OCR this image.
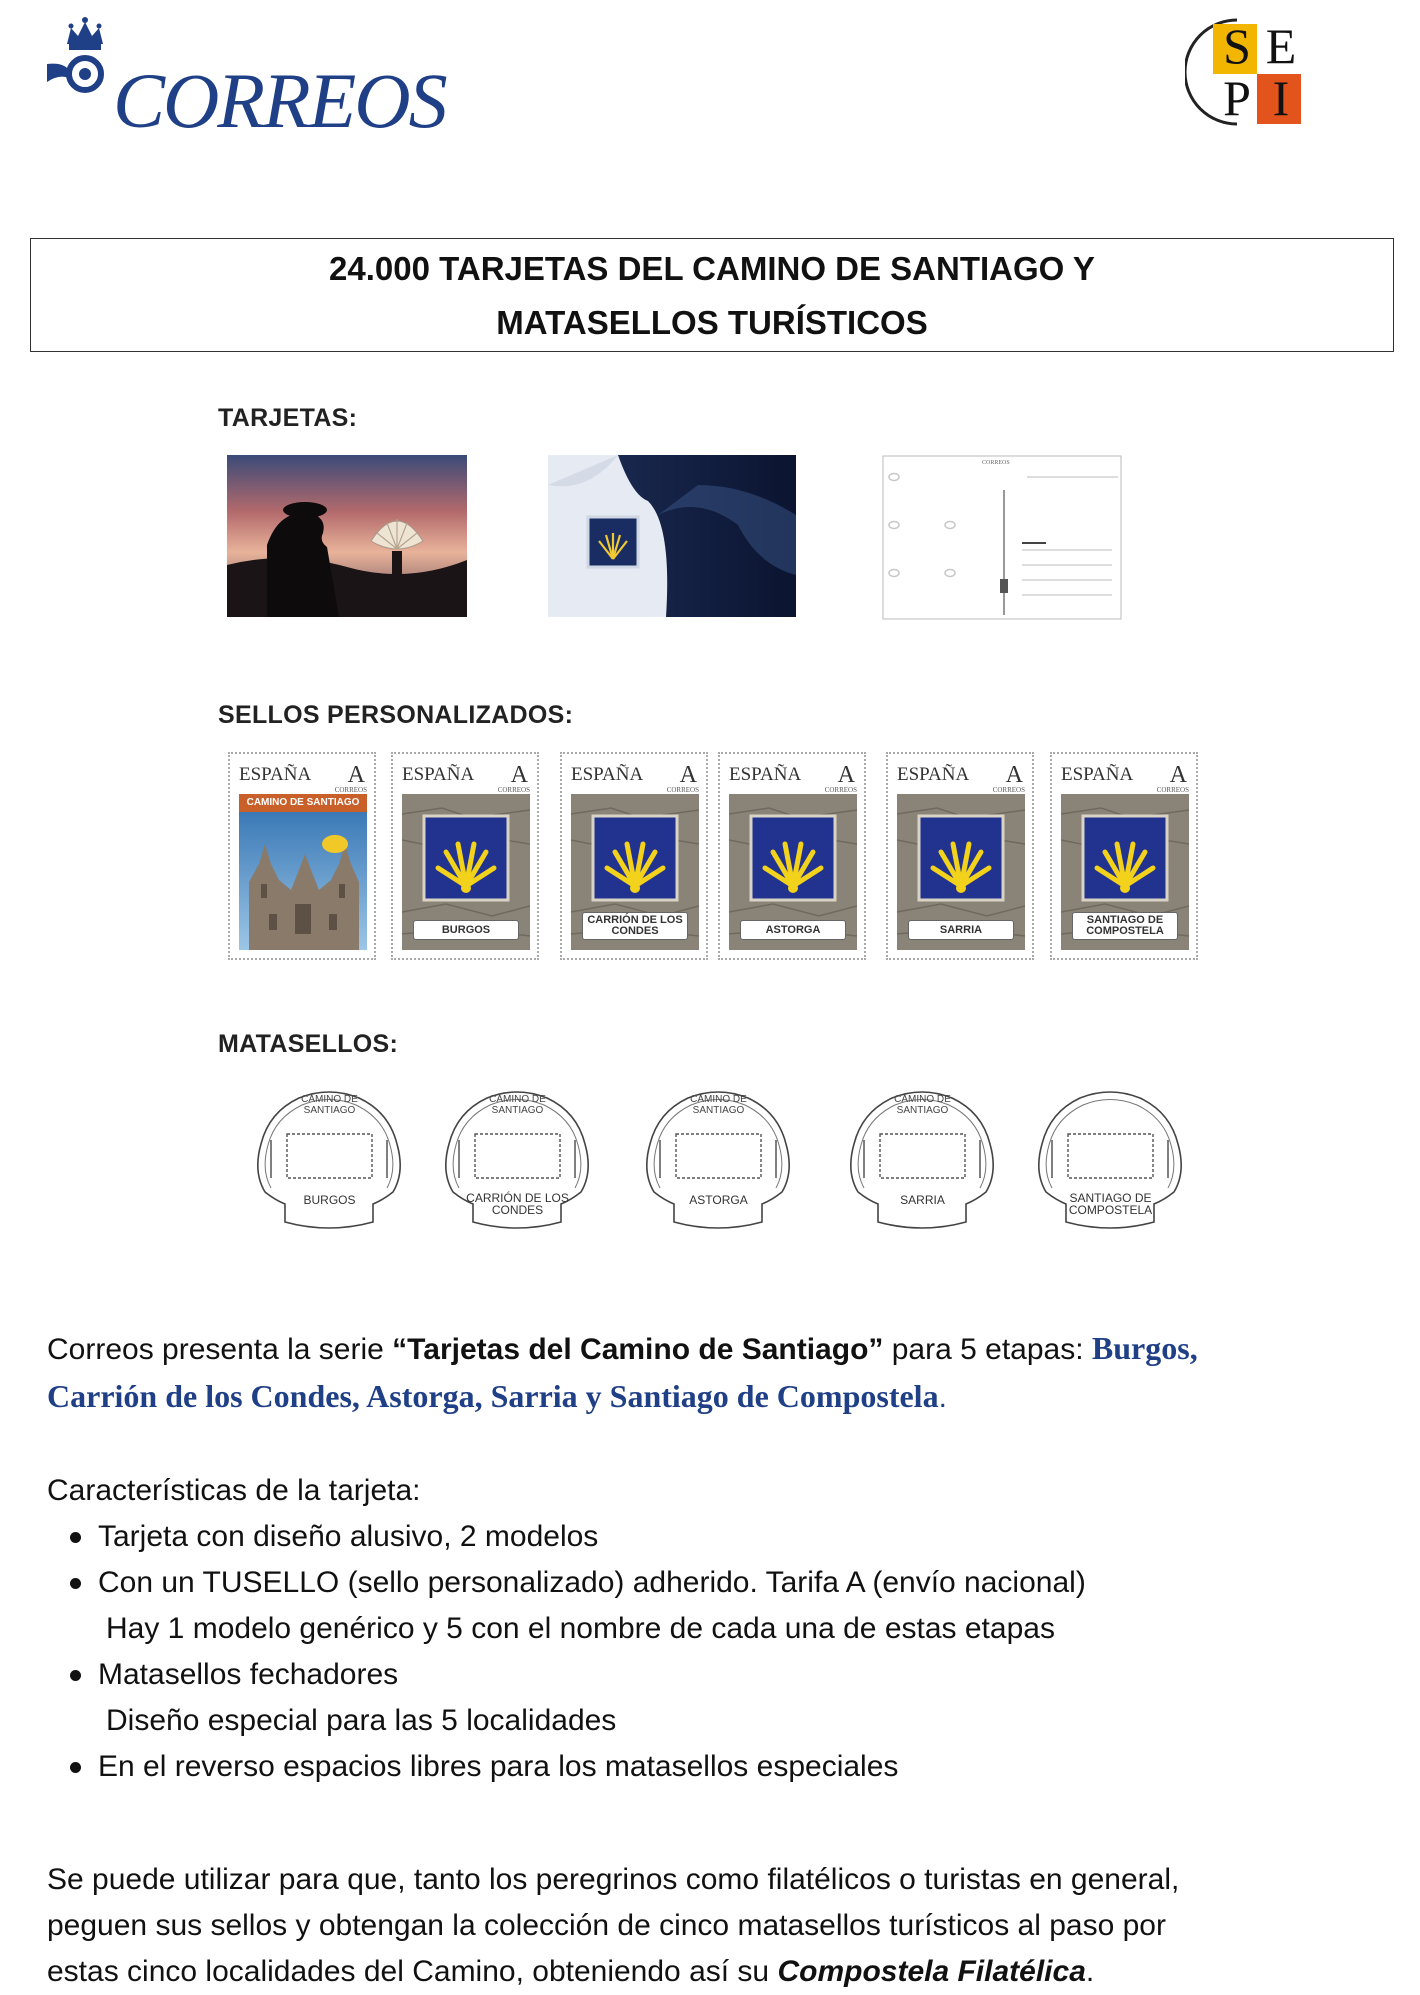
CORREOS
S E
P I
24.000 TARJETAS DEL CAMINO DE SANTIAGO Y
MATASELLOS TURÍSTICOS
TARJETAS:
CORREOS
SELLOS PERSONALIZADOS:
ESPAÑA A
CORREOS
CAMINO DE SANTIAGO
ESPAÑA A
CORREOS
BURGOS
ESPAÑA A
CORREOS
CARRIÓN DE LOS CONDES
ESPAÑA A
CORREOS
ASTORGA
ESPAÑA A
CORREOS
SARRIA
ESPAÑA A
CORREOS
SANTIAGO DE COMPOSTELA
MATASELLOS:
CAMINO DE SANTIAGO
BURGOS
CAMINO DE SANTIAGO
CARRIÓN DE LOS CONDES
CAMINO DE SANTIAGO
ASTORGA
CAMINO DE SANTIAGO
SARRIA	SANTIAGO DE COMPOSTELA
Correos presenta la serie “Tarjetas del Camino de Santiago” para 5 etapas: Burgos,
Carrión de los Condes, Astorga, Sarria y Santiago de Compostela.
Características de la tarjeta:
Tarjeta con diseño alusivo, 2 modelos
Con un TUSELLO (sello personalizado) adherido. Tarifa A (envío nacional)
Hay 1 modelo genérico y 5 con el nombre de cada una de estas etapas
Matasellos fechadores
Diseño especial para las 5 localidades
En el reverso espacios libres para los matasellos especiales
Se puede utilizar para que, tanto los peregrinos como filatélicos o turistas en general,
peguen sus sellos y obtengan la colección de cinco matasellos turísticos al paso por
estas cinco localidades del Camino, obteniendo así su Compostela Filatélica.
